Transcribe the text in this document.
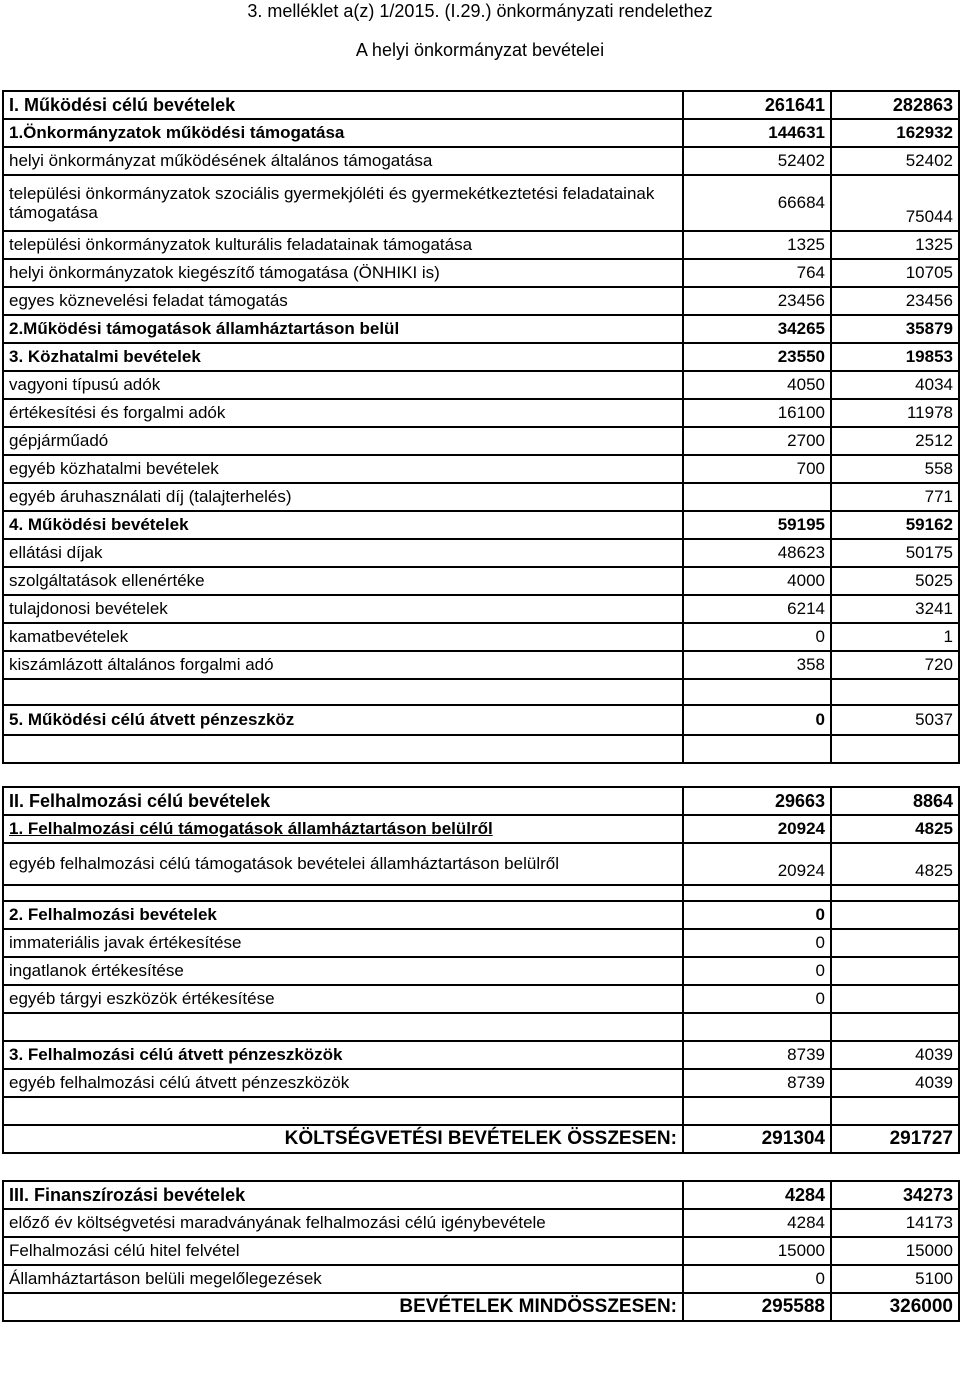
3. melléklet a(z) 1/2015. (I.29.) önkormányzati rendelethez
A helyi önkormányzat bevételei
I. Működési célú bevételek	261641	282863
1.Önkormányzatok működési támogatása	144631	162932
helyi önkormányzat működésének általános támogatása	52402	52402
települési önkormányzatok szociális gyermekjóléti és gyermekétkeztetési feladatainak támogatása	66684	75044
települési önkormányzatok kulturális feladatainak támogatása	1325	1325
helyi önkormányzatok kiegészítő támogatása (ÖNHIKI is)	764	10705
egyes köznevelési feladat támogatás	23456	23456
2.Működési támogatások államháztartáson belül	34265	35879
3. Közhatalmi bevételek	23550	19853
vagyoni típusú adók	4050	4034
értékesítési és forgalmi adók	16100	11978
gépjárműadó	2700	2512
egyéb közhatalmi bevételek	700	558
egyéb áruhasználati díj (talajterhelés)		771
4. Működési bevételek	59195	59162
ellátási díjak	48623	50175
szolgáltatások ellenértéke	4000	5025
tulajdonosi bevételek	6214	3241
kamatbevételek	0	1
kiszámlázott általános forgalmi adó	358	720

5. Működési célú átvett pénzeszköz	0	5037

II. Felhalmozási célú bevételek	29663	8864
1. Felhalmozási célú támogatások államháztartáson belülről	20924	4825
egyéb felhalmozási célú támogatások bevételei államháztartáson belülről	20924	4825

2. Felhalmozási bevételek	0	
immateriális javak értékesítése	0	
ingatlanok értékesítése	0	
egyéb tárgyi eszközök értékesítése	0	

3. Felhalmozási célú átvett pénzeszközök	8739	4039
egyéb felhalmozási célú átvett pénzeszközök	8739	4039

KÖLTSÉGVETÉSI BEVÉTELEK ÖSSZESEN:	291304	291727

III. Finanszírozási bevételek	4284	34273
előző év költségvetési maradványának felhalmozási célú igénybevétele	4284	14173
Felhalmozási célú hitel felvétel	15000	15000
Államháztartáson belüli megelőlegezések	0	5100
BEVÉTELEK MINDÖSSZESEN:	295588	326000
